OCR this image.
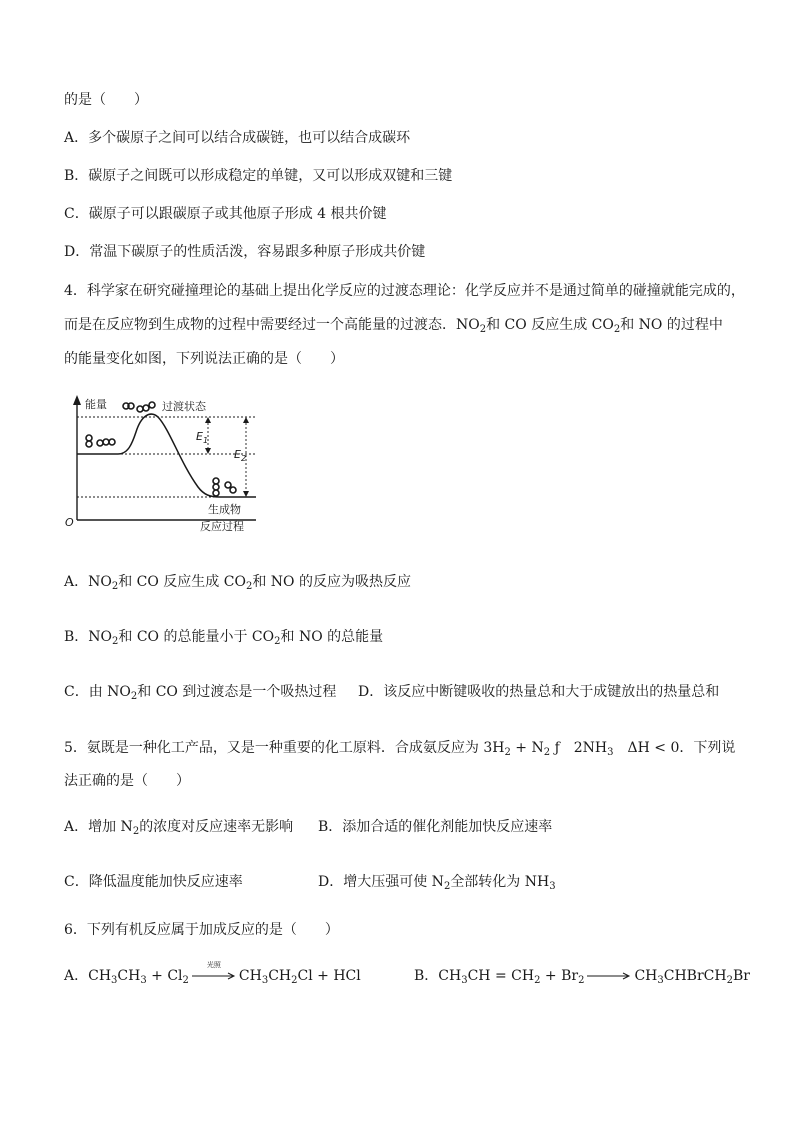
的是（　　）
A．多个碳原子之间可以结合成碳链，也可以结合成碳环
B．碳原子之间既可以形成稳定的单键，又可以形成双键和三键
C．碳原子可以跟碳原子或其他原子形成 4 根共价键
D．常温下碳原子的性质活泼，容易跟多种原子形成共价键
4．科学家在研究碰撞理论的基础上提出化学反应的过渡态理论：化学反应并不是通过简单的碰撞就能完成的，
而是在反应物到生成物的过程中需要经过一个高能量的过渡态．$NO_2$和 CO 反应生成 $CO_2$和 NO 的过程中
的能量变化如图，下列说法正确的是（　　）
能量
O	反应过程
$E_1$
$E_2$
过渡状态
生成物
A．$NO_2$和 CO 反应生成 $CO_2$和 NO 的反应为吸热反应
B．$NO_2$和 CO 的总能量小于 $CO_2$和 NO 的总能量
C．由 $NO_2$和 CO 到过渡态是一个吸热过程 D．该反应中断键吸收的热量总和大于成键放出的热量总和
5．氨既是一种化工产品，又是一种重要的化工原料．合成氨反应为 $3H_2 + N_2$ ƒ　$2NH_3$　ΔH < 0．下列说
法正确的是（　　）
A．增加 $N_2$的浓度对反应速率无影响 B．添加合适的催化剂能加快反应速率
C．降低温度能加快反应速率	D．增大压强可使 $N_2$全部转化为 $NH_3$
6．下列有机反应属于加成反应的是（　　）
A．$CH_3CH_3 + Cl_2$
光照
$CH_3CH_2Cl$ + HCl	B．$CH_3CH = CH_2 + Br_2$ → $CH_3CHBrCH_2Br$
